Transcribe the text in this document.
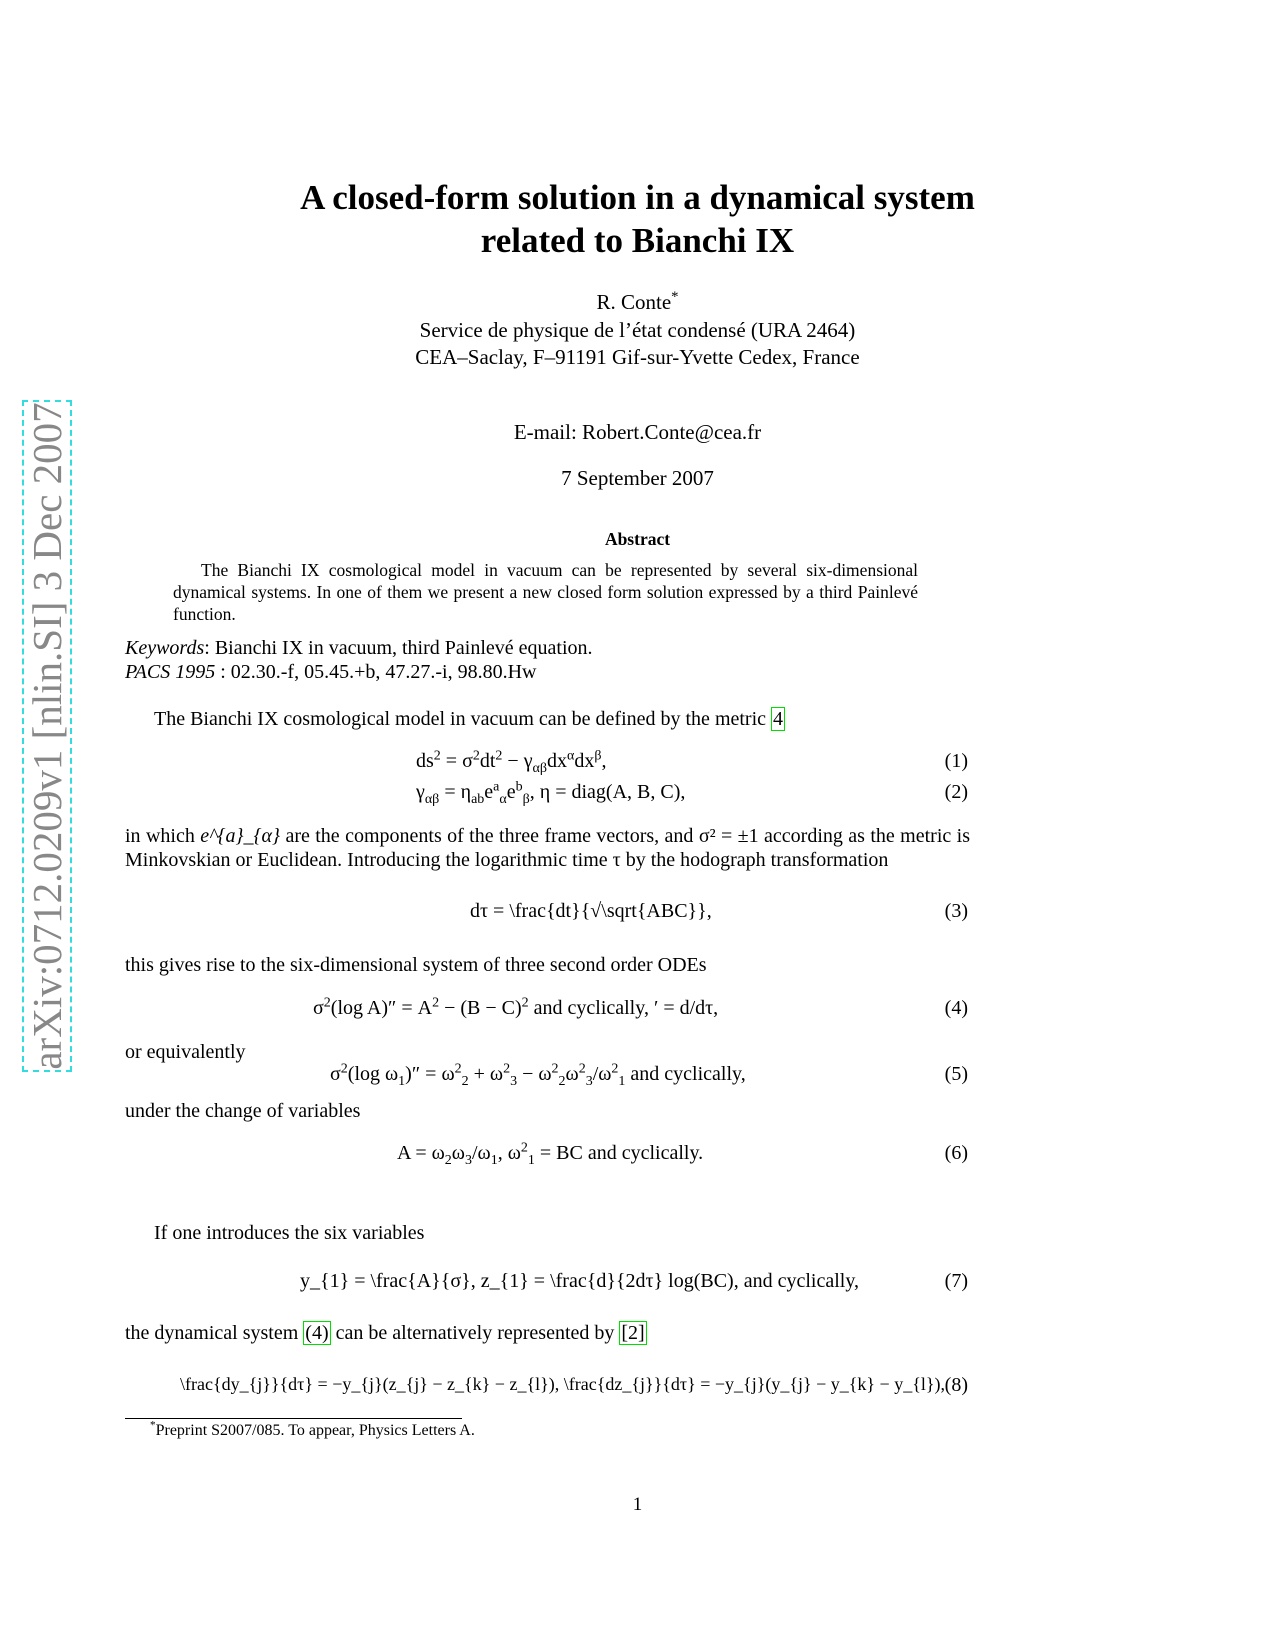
arXiv:0712.0209v1 [nlin.SI] 3 Dec 2007
A closed-form solution in a dynamical system
related to Bianchi IX
R. Conte*
Service de physique de l’état condensé (URA 2464)
CEA–Saclay, F–91191 Gif-sur-Yvette Cedex, France
E-mail: Robert.Conte@cea.fr
7 September 2007
Abstract
The Bianchi IX cosmological model in vacuum can be represented by several six-dimensional dynamical systems. In one of them we present a new closed form solution expressed by a third Painlevé function.
Keywords: Bianchi IX in vacuum, third Painlevé equation.
PACS 1995 : 02.30.-f, 05.45.+b, 47.27.-i, 98.80.Hw
The Bianchi IX cosmological model in vacuum can be defined by the metric 4
$ds^2 = \sigma^2dt^2 - \gamma_{\alpha\beta}dx^\alpha dx^\beta$,	(1)
$\gamma_{\alpha\beta} = \eta_{ab}e^a_\alpha e^b_\beta$, η = diag(A, B, C),	(2)
in which e^{a}_{α} are the components of the three frame vectors, and σ² = ±1 according as the metric is Minkovskian or Euclidean. Introducing the logarithmic time τ by the hodograph transformation
dτ = \frac{dt}{√\sqrt{ABC}},	(3)
this gives rise to the six-dimensional system of three second order ODEs
$\sigma^2(\log$ $A)'' = A^2 - (B - C)^2$ and cyclically, ′ = d/dτ,	(4)
or equivalently
$\sigma^2(\log$ $\omega_1)'' = \omega^2_2 + \omega^2_3 - \omega^2_2\omega^2_3/\omega^2_1$ and cyclically,	(5)
under the change of variables
$A = \omega_2\omega_3/\omega_1$, $\omega^2_1$ = BC and cyclically.	(6)
If one introduces the six variables
y_{1} = \frac{A}{σ}, z_{1} = \frac{d}{2dτ} log(BC), and cyclically,	(7)
the dynamical system (4) can be alternatively represented by [2]
\frac{dy_{j}}{dτ} = −y_{j}(z_{j} − z_{k} − z_{l}), \frac{dz_{j}}{dτ} = −y_{j}(y_{j} − y_{k} − y_{l}), (8)
*Preprint S2007/085. To appear, Physics Letters A.
1
